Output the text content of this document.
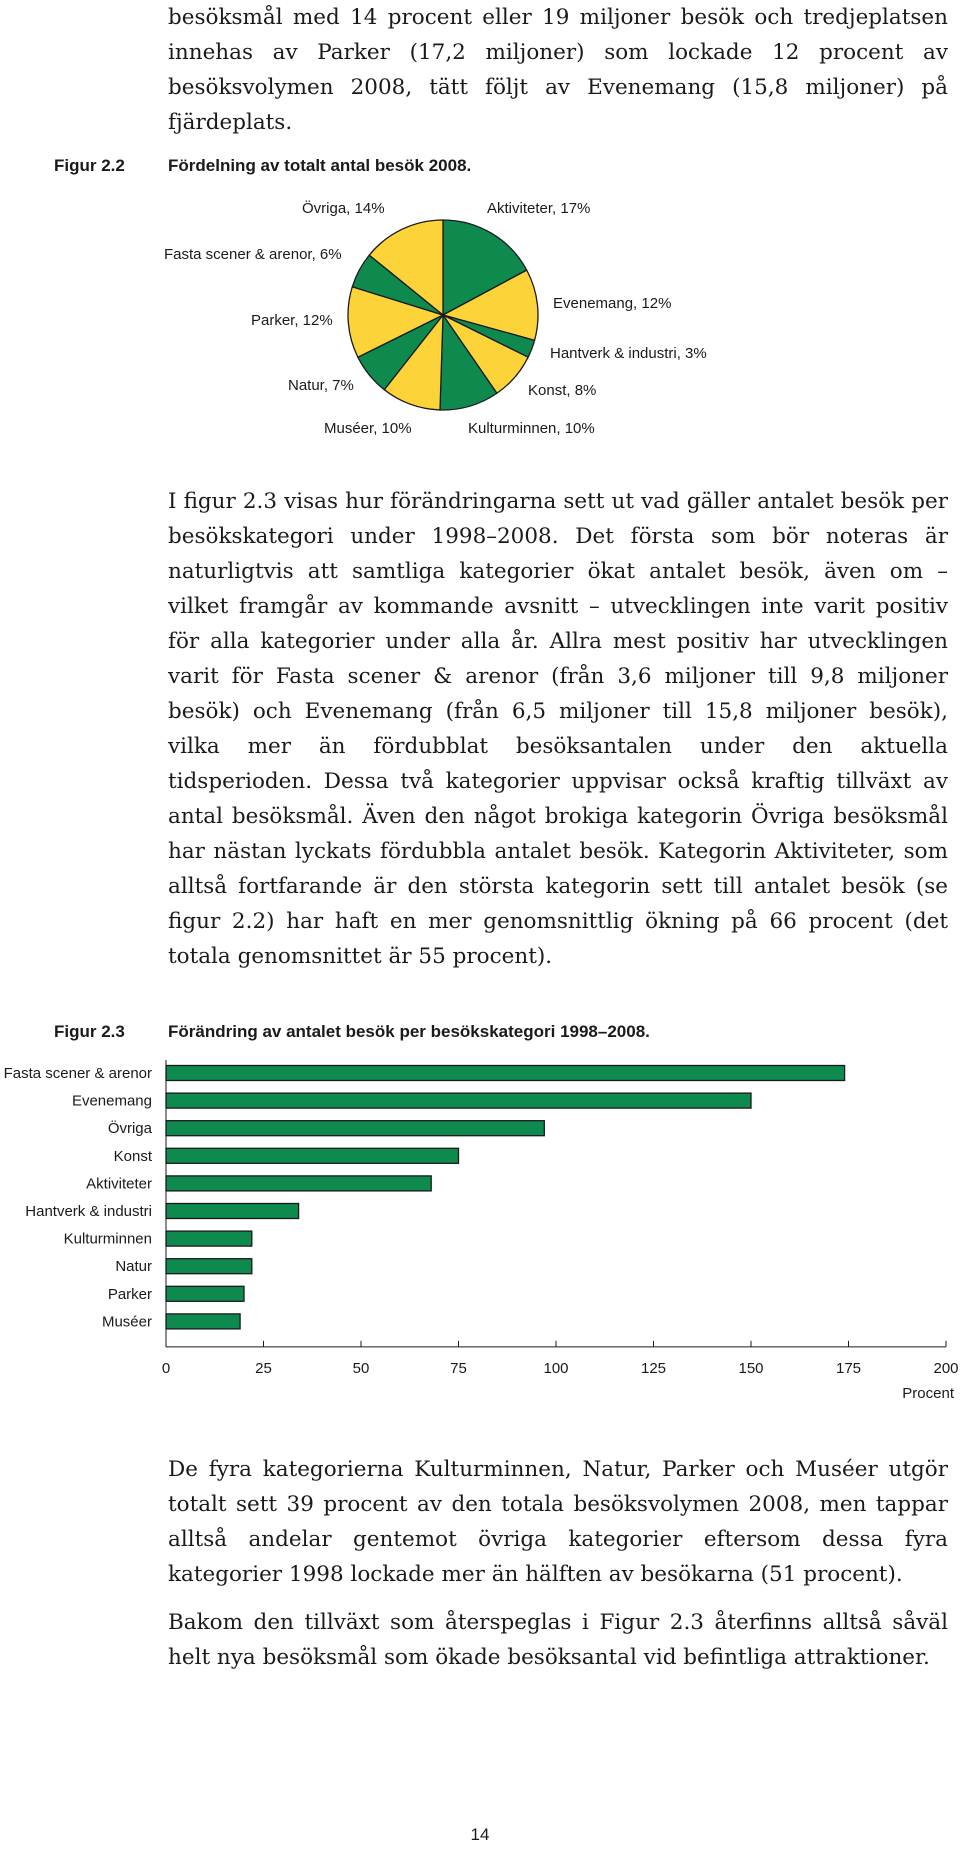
besöksmål med 14 procent eller 19 miljoner besök och tredjeplatsen innehas av Parker (17,2 miljoner) som lockade 12 procent av besöksvolymen 2008, tätt följt av Evenemang (15,8 miljoner) på fjärdeplats.

Figur 2.2	Fördelning av totalt antal besök 2008.
Aktiviteter, 17%
Evenemang, 12%
Hantverk & industri, 3%
Konst, 8%
Kulturminnen, 10%
Muséer, 10%
Natur, 7%
Parker, 12%
Fasta scener & arenor, 6%
Övriga, 14%

I figur 2.3 visas hur förändringarna sett ut vad gäller antalet besök per besökskategori under 1998–2008. Det första som bör noteras är naturligtvis att samtliga kategorier ökat antalet besök, även om – vilket framgår av kommande avsnitt – utvecklingen inte varit positiv för alla kategorier under alla år. Allra mest positiv har utvecklingen varit för Fasta scener & arenor (från 3,6 miljoner till 9,8 miljoner besök) och Evenemang (från 6,5 miljoner till 15,8 miljoner besök), vilka mer än fördubblat besöksantalen under den aktuella tidsperioden. Dessa två kategorier uppvisar också kraftig tillväxt av antal besöksmål. Även den något brokiga kategorin Övriga besöksmål har nästan lyckats fördubbla antalet besök. Kategorin Aktiviteter, som alltså fortfarande är den största kategorin sett till antalet besök (se figur 2.2) har haft en mer genomsnittlig ökning på 66 procent (det totala genomsnittet är 55 procent).

Figur 2.3	Förändring av antalet besök per besökskategori 1998–2008.
Fasta scener & arenor
Evenemang
Övriga
Konst
Aktiviteter
Hantverk & industri
Kulturminnen
Natur
Parker
Muséer
0	25	50	75	100	125	150	175	200
Procent

De fyra kategorierna Kulturminnen, Natur, Parker och Muséer utgör totalt sett 39 procent av den totala besöksvolymen 2008, men tappar alltså andelar gentemot övriga kategorier eftersom dessa fyra kategorier 1998 lockade mer än hälften av besökarna (51 procent).

Bakom den tillväxt som återspeglas i Figur 2.3 återfinns alltså såväl helt nya besöksmål som ökade besöksantal vid befintliga attraktioner.

14
